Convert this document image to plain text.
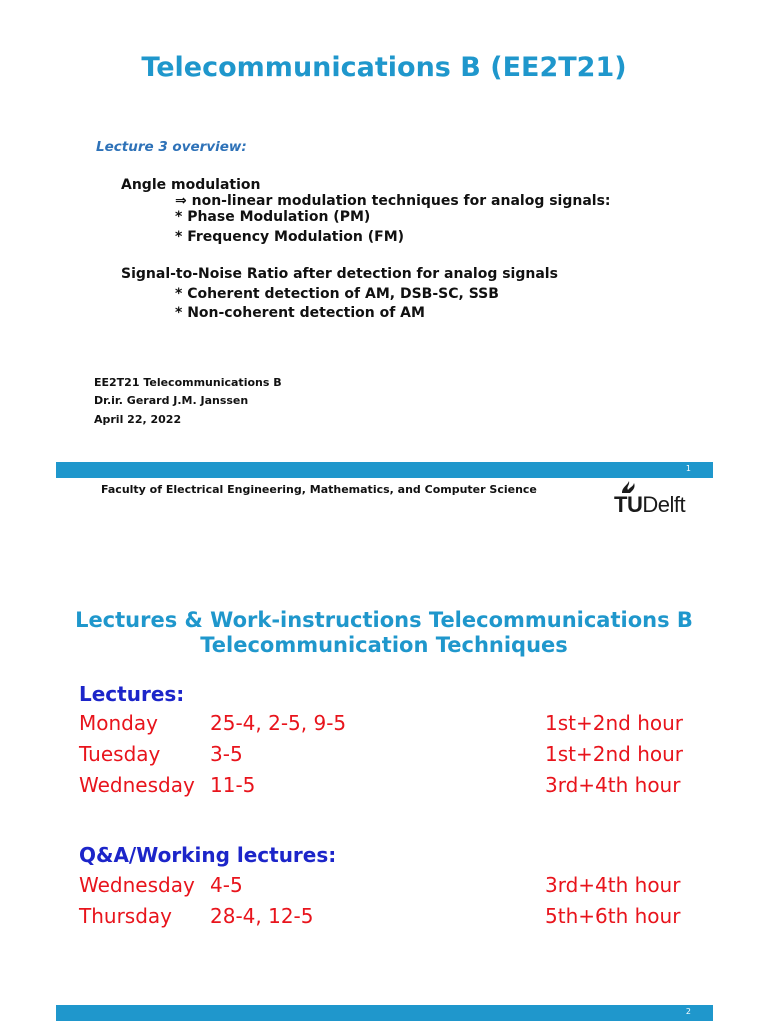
Telecommunications B (EE2T21)
Lecture 3 overview:
Angle modulation
⇒ non-linear modulation techniques for analog signals:
* Phase Modulation (PM)
* Frequency Modulation (FM)
Signal-to-Noise Ratio after detection for analog signals
* Coherent detection of AM, DSB-SC, SSB
* Non-coherent detection of AM
EE2T21 Telecommunications B
Dr.ir. Gerard J.M. Janssen
April 22, 2022
1
Faculty of Electrical Engineering, Mathematics, and Computer Science
TUDelft
Lectures & Work-instructions Telecommunications B
Telecommunication Techniques
Lectures:
Monday	25-4, 2-5, 9-5	1st+2nd hour
Tuesday 3-5	1st+2nd hour
Wednesday 11-5	3rd+4th hour
Q&A/Working lectures:
Wednesday 4-5	3rd+4th hour
Thursday 28-4, 12-5	5th+6th hour
2
